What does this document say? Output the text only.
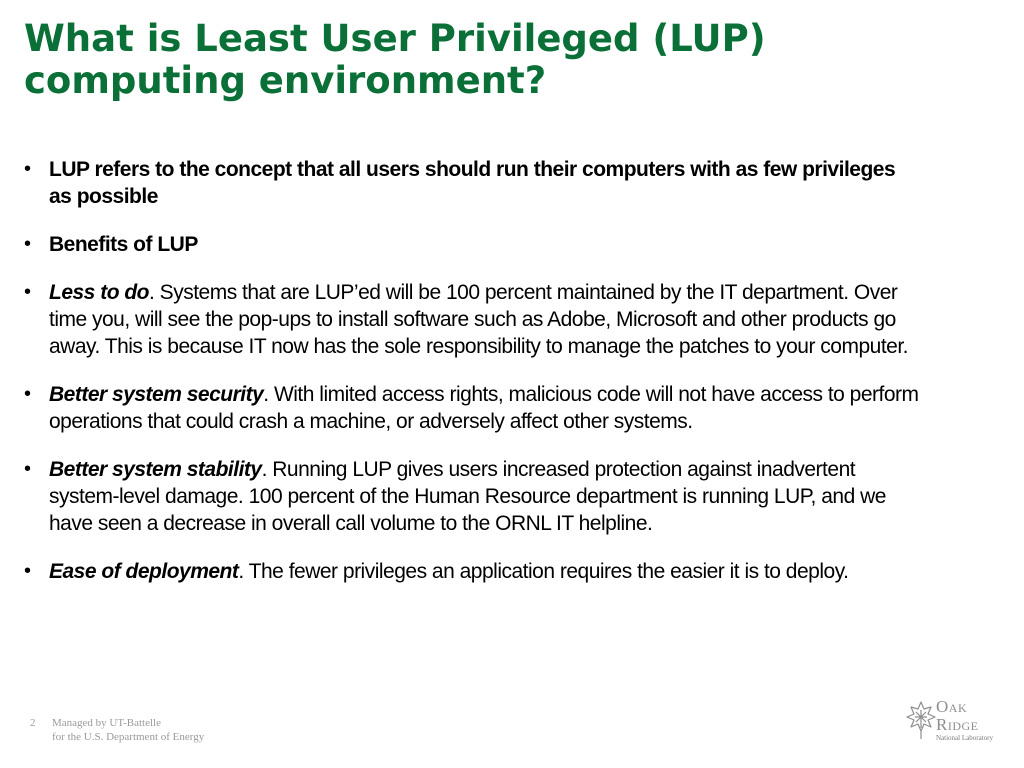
What is Least User Privileged (LUP)
computing environment?
• LUP refers to the concept that all users should run their computers with as few privileges as possible
• Benefits of LUP
• Less to do. Systems that are LUP’ed will be 100 percent maintained by the IT department. Over time you, will see the pop-ups to install software such as Adobe, Microsoft and other products go away. This is because IT now has the sole responsibility to manage the patches to your computer.
• Better system security. With limited access rights, malicious code will not have access to perform operations that could crash a machine, or adversely affect other systems.
• Better system stability. Running LUP gives users increased protection against inadvertent system-level damage. 100 percent of the Human Resource department is running LUP, and we have seen a decrease in overall call volume to the ORNL IT helpline.
• Ease of deployment. The fewer privileges an application requires the easier it is to deploy.
2 Managed by UT-Battelle
for the U.S. Department of Energy
Oak
Ridge
National Laboratory
